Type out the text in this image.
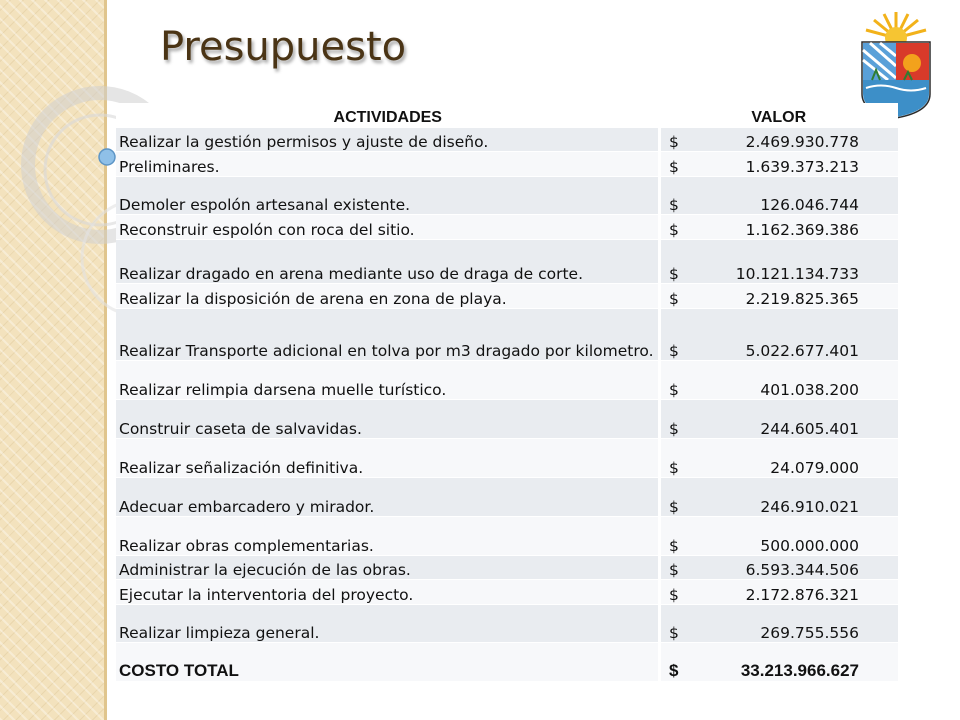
Presupuesto
ACTIVIDADES	VALOR
Realizar la gestión permisos y ajuste de diseño.	$ 2.469.930.778
Preliminares.	$ 1.639.373.213
Demoler espolón artesanal existente.	$ 126.046.744
Reconstruir espolón con roca del sitio.	$ 1.162.369.386
Realizar dragado en arena mediante uso de draga de corte.	$ 10.121.134.733
Realizar la disposición de arena en zona de playa.	$ 2.219.825.365
Realizar Transporte adicional en tolva por m3 dragado por kilometro.	$ 5.022.677.401
Realizar relimpia darsena muelle turístico.	$ 401.038.200
Construir caseta de salvavidas.	$ 244.605.401
Realizar señalización definitiva.	$ 24.079.000
Adecuar embarcadero y mirador.	$ 246.910.021
Realizar obras complementarias.	$ 500.000.000
Administrar la ejecución de las obras.	$ 6.593.344.506
Ejecutar la interventoria del proyecto.	$ 2.172.876.321
Realizar limpieza general.	$ 269.755.556
COSTO TOTAL	$ 33.213.966.627
